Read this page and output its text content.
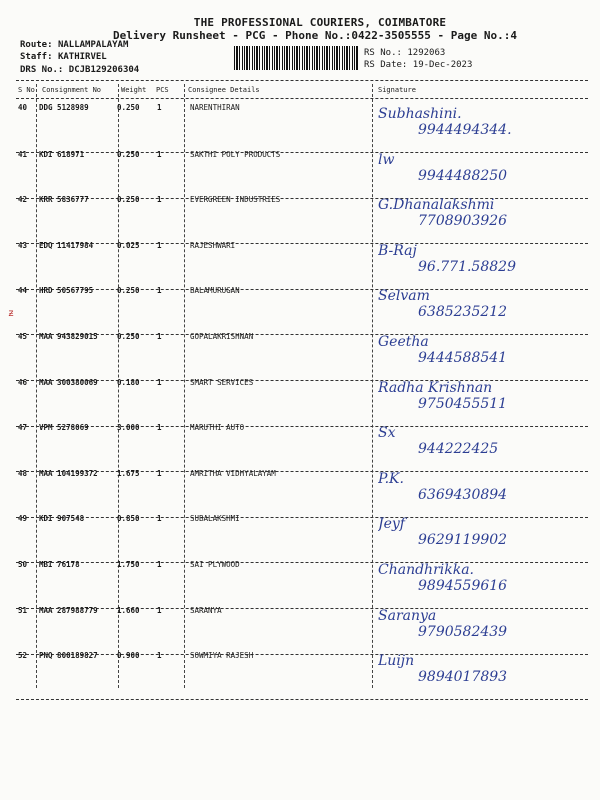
THE PROFESSIONAL COURIERS, COIMBATORE
Delivery Runsheet - PCG - Phone No.:0422-3505555 - Page No.:4
Route: NALLAMPALAYAM
Staff: KATHIRVEL
DRS No.: DCJB129206304
RS No.: 1292063
RS Date: 19-Dec-2023
S No Consignment No	Weight PCS	Consignee Details	Signature
40 DDG 5128989	0.250 1	NARENTHIRAN	Subhashini.
9944494344.
41 KDI 618971	0.250 1	SAKTHI POLY PRODUCTS	lw
9944488250
42 KRR 5836777	0.250 1	EVERGREEN INDUSTRIES	G.Dhanalakshmi
7708903926
43 EDQ 11417984	0.025 1	RAJESHWARI	B-Raj
96.771.58829
44 HRD 50567795	0.250 1	BALAMURUGAN	Selvam
6385235212
45 MAA 943829015	0.250 1	GOPALAKRISHNAN	Geetha
9444588541
46 MAA 300380069	0.180 1	SMART SERVICES	Radha Krishnan
9750455511
47 VPM 5278069	3.000 1	MARUTHI AUTO	Sx
944222425
48 MAA 104199372	1.675 1	AMRITHA VIDHYALAYAM	P.K.
6369430894
49 KDI 907548	0.850 1	SUBALAKSHMI	Jeyf
9629119902
50 MBI 76178	1.750 1	SAI PLYWOOD	Chandhrikka.
9894559616
51 MAA 287988779	1.660 1	SARANYA	Saranya
9790582439
52 PNQ 800189827	0.900 1	SOWMIYA RAJESH	Luijn
9894017893
ᵶ
